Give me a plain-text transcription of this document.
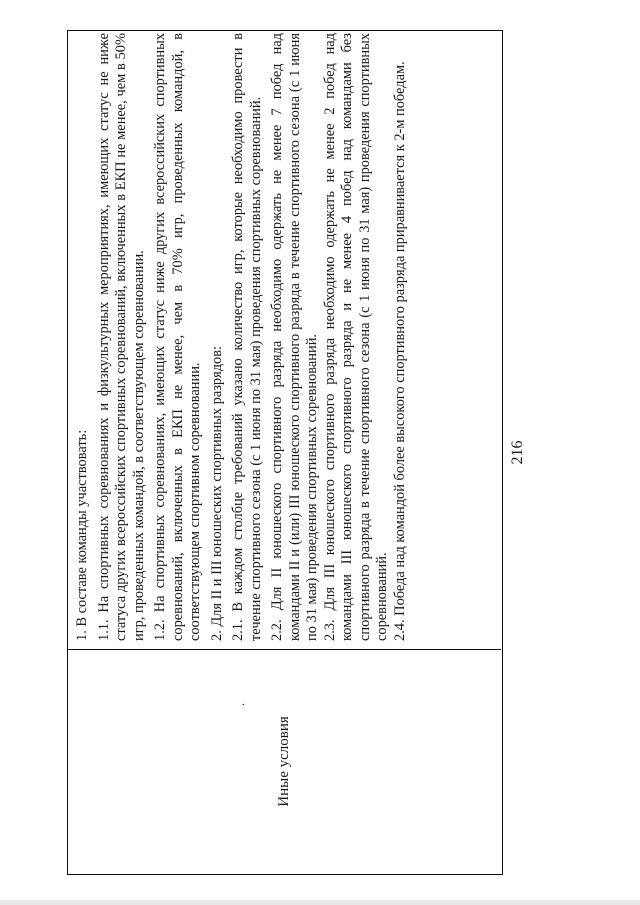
.
Иные условия

1. В составе команды участвовать: 1.1. На спортивных соревнованиях и физкультурных мероприятиях, имеющих статус не ниже статуса других всероссийских спортивных соревнований, включенных в ЕКП не менее, чем в 50% игр, проведенных командой, в соответствующем соревновании. 1.2. На спортивных соревнованиях, имеющих статус ниже других всероссийских спортивных соревнований, включенных в ЕКП не менее, чем в 70% игр, проведенных командой, в соответствующем спортивном соревновании. 2. Для II и III юношеских спортивных разрядов: 2.1. В каждом столбце требований указано количество игр, которые необходимо провести в течение спортивного сезона (с 1 июня по 31 мая) проведения спортивных соревнований. 2.2. Для II юношеского спортивного разряда необходимо одержать не менее 7 побед над командами II и (или) III юношеского спортивного разряда в течение спортивного сезона (с 1 июня по 31 мая) проведения спортивных соревнований. 2.3. Для III юношеского спортивного разряда необходимо одержать не менее 2 побед над командами III юношеского спортивного разряда и не менее 4 побед над командами без спортивного разряда в течение спортивного сезона (с 1 июня по 31 мая) проведения спортивных соревнований. 2.4. Победа над командой более высокого спортивного разряда приравнивается к 2-м победам.	216
